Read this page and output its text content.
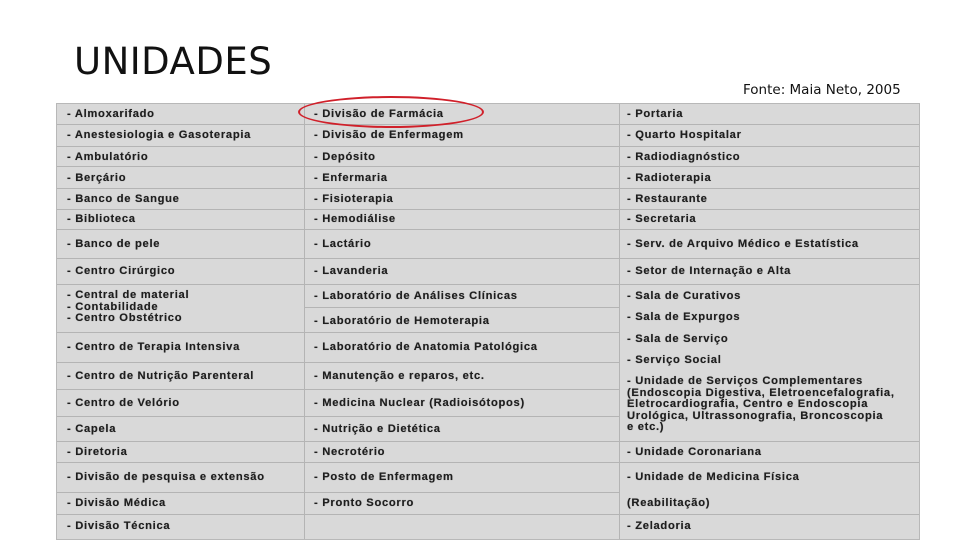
UNIDADES
Fonte: Maia Neto, 2005
- Almoxarifado
- Anestesiologia e Gasoterapia
- Ambulatório
- Berçário
- Banco de Sangue
- Biblioteca
- Banco de pele
- Centro Cirúrgico
- Central de material
- Contabilidade
- Centro Obstétrico
- Centro de Terapia Intensiva
- Centro de Nutrição Parenteral
- Centro de Velório
- Capela
- Diretoria
- Divisão de pesquisa e extensão
- Divisão Médica
- Divisão Técnica
- Divisão de Farmácia
- Divisão de Enfermagem
- Depósito
- Enfermaria
- Fisioterapia
- Hemodiálise
- Lactário
- Lavanderia
- Laboratório de Análises Clínicas
- Laboratório de Hemoterapia
- Laboratório de Anatomia Patológica
- Manutenção e reparos, etc.
- Medicina Nuclear (Radioisótopos)
- Nutrição e Dietética
- Necrotério
- Posto de Enfermagem
- Pronto Socorro
- Portaria
- Quarto Hospitalar
- Radiodiagnóstico
- Radioterapia
- Restaurante
- Secretaria
- Serv. de Arquivo Médico e Estatística
- Setor de Internação e Alta
- Sala de Curativos
- Sala de Expurgos
- Sala de Serviço
- Serviço Social
- Unidade de Serviços Complementares
(Endoscopia Digestiva, Eletroencefalografia,
Eletrocardiografia, Centro e Endoscopia
Urológica, Ultrassonografia, Broncoscopia
e etc.)
- Unidade Coronariana
- Unidade de Medicina Física
(Reabilitação)
- Zeladoria
